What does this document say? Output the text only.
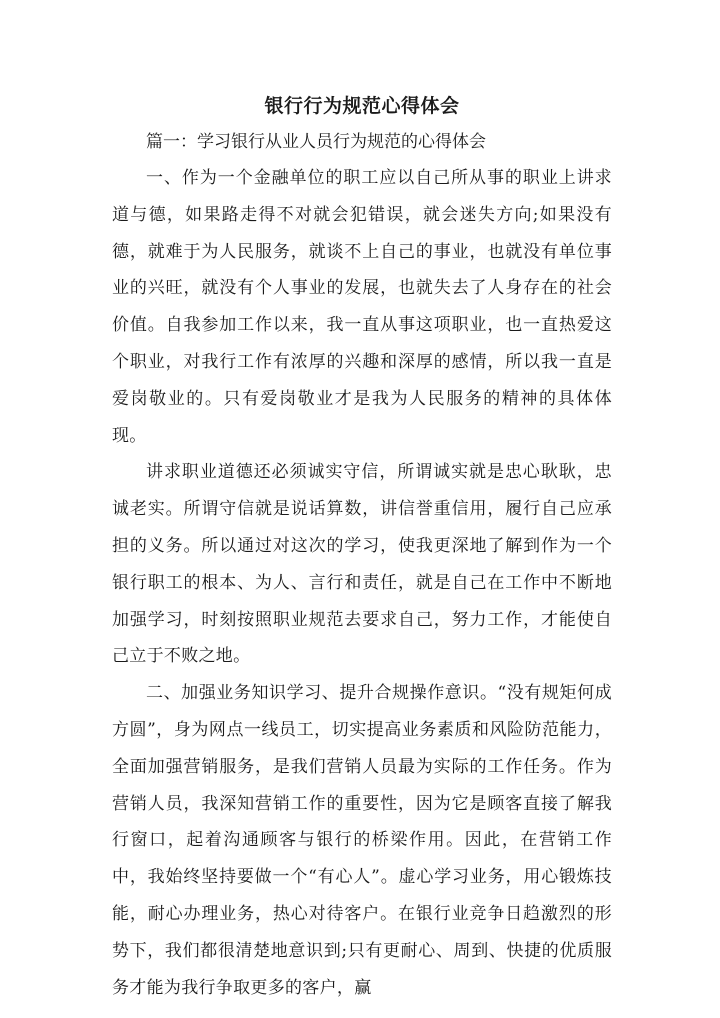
银行行为规范心得体会

篇一：学习银行从业人员行为规范的心得体会

一、作为一个金融单位的职工应以自己所从事的职业上讲求道与德，如果路走得不对就会犯错误，就会迷失方向;如果没有德，就难于为人民服务，就谈不上自己的事业，也就没有单位事业的兴旺，就没有个人事业的发展，也就失去了人身存在的社会价值。自我参加工作以来，我一直从事这项职业，也一直热爱这个职业，对我行工作有浓厚的兴趣和深厚的感情，所以我一直是爱岗敬业的。只有爱岗敬业才是我为人民服务的精神的具体体现。

讲求职业道德还必须诚实守信，所谓诚实就是忠心耿耿，忠诚老实。所谓守信就是说话算数，讲信誉重信用，履行自己应承担的义务。所以通过对这次的学习，使我更深地了解到作为一个银行职工的根本、为人、言行和责任，就是自己在工作中不断地加强学习，时刻按照职业规范去要求自己，努力工作，才能使自己立于不败之地。

二、加强业务知识学习、提升合规操作意识。“没有规矩何成方圆”，身为网点一线员工，切实提高业务素质和风险防范能力，全面加强营销服务，是我们营销人员最为实际的工作任务。作为营销人员，我深知营销工作的重要性，因为它是顾客直接了解我行窗口，起着沟通顾客与银行的桥梁作用。因此，在营销工作中，我始终坚持要做一个“有心人”。虚心学习业务，用心锻炼技能，耐心办理业务，热心对待客户。在银行业竞争日趋激烈的形势下，我们都很清楚地意识到;只有更耐心、周到、快捷的优质服务才能为我行争取更多的客户，赢
